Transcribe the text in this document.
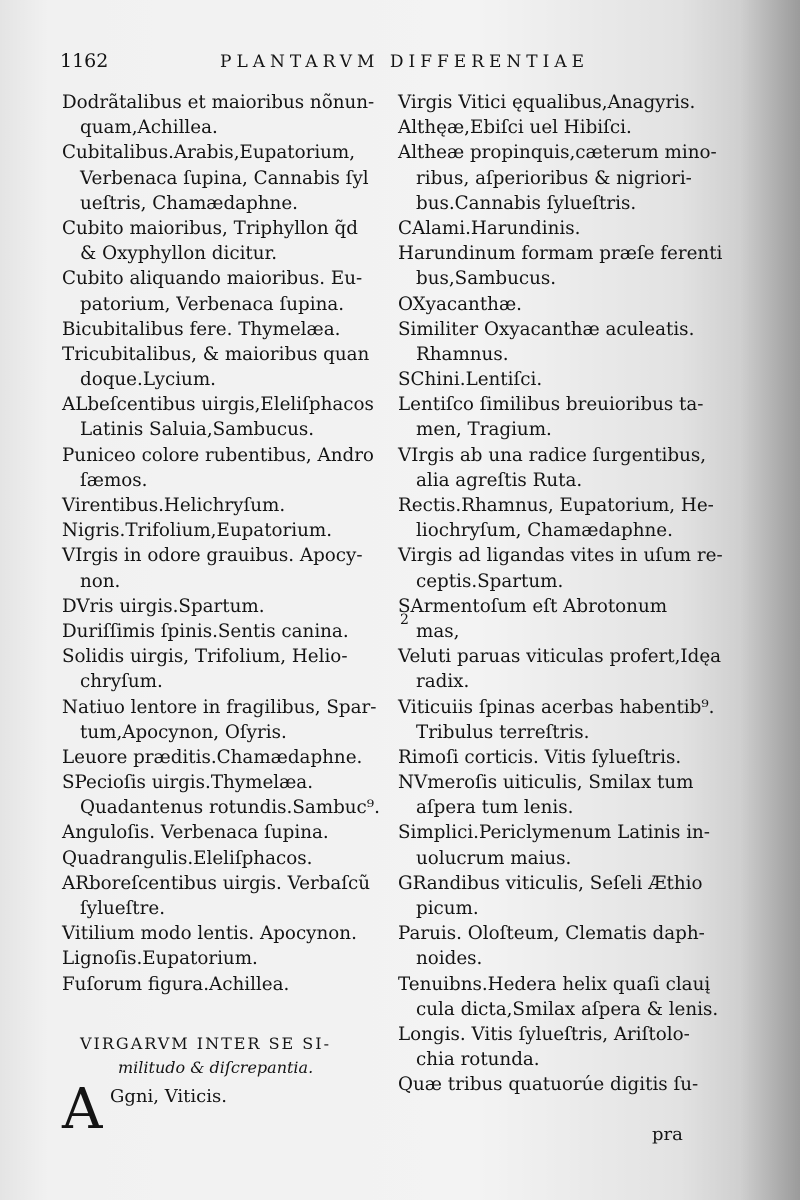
1162	PLANTARVM DIFFERENTIAE
Dodrãtalibus et maioribus nõnun-
quam,Achillea.
Cubitalibus.Arabis,Eupatorium,
Verbenaca ſupina, Cannabis ſyl
ueſtris, Chamædaphne.
Cubito maioribus, Triphyllon q̃d
& Oxyphyllon dicitur.
Cubito aliquando maioribus. Eu-
patorium, Verbenaca ſupina.
Bicubitalibus fere. Thymelæa.
Tricubitalibus, & maioribus quan
doque.Lycium.
ALbeſcentibus uirgis,Eleliſphacos
Latinis Saluia,Sambucus.
Puniceo colore rubentibus, Andro
ſæmos.
Virentibus.Helichryſum.
Nigris.Trifolium,Eupatorium.
VIrgis in odore grauibus. Apocy-
non.
DVris uirgis.Spartum.
Duriſſimis ſpinis.Sentis canina.
Solidis uirgis, Trifolium, Helio-
chryſum.
Natiuo lentore in fragilibus, Spar-
tum,Apocynon, Oſyris.
Leuore præditis.Chamædaphne.
SPecioſis uirgis.Thymelæa.
Quadantenus rotundis.Sambuc⁹.
Anguloſis. Verbenaca ſupina.
Quadrangulis.Eleliſphacos.
ARboreſcentibus uirgis. Verbaſcũ
ſylueſtre.
Vitilium modo lentis. Apocynon.
Lignoſis.Eupatorium.
Fuſorum figura.Achillea.
VIRGARVM INTER SE SI-
militudo & diſcrepantia.
A Ggni, Viticis.
Virgis Vitici ęqualibus,Anagyris.
Althęæ,Ebiſci uel Hibiſci.
Altheæ propinquis,cæterum mino-
ribus, aſperioribus & nigriori-
bus.Cannabis ſylueſtris.
CAlami.Harundinis.
Harundinum formam præſe ferenti
bus,Sambucus.
OXyacanthæ.
Similiter Oxyacanthæ aculeatis.
Rhamnus.
SChini.Lentiſci.
Lentiſco ſimilibus breuioribus ta-
men, Tragium.
VIrgis ab una radice ſurgentibus,
alia agreſtis Ruta.
Rectis.Rhamnus, Eupatorium, He-
liochryſum, Chamædaphne.
Virgis ad ligandas vites in uſum re-
ceptis.Spartum.
SArmentoſum eſt Abrotonum
mas,
Veluti paruas viticulas profert,Idęa
radix.
Viticuiis ſpinas acerbas habentib⁹.
Tribulus terreſtris.
Rimoſi corticis. Vitis ſylueſtris.
NVmeroſis uiticulis, Smilax tum
aſpera tum lenis.
Simplici.Periclymenum Latinis in-
uolucrum maius.
GRandibus viticulis, Seſeli Æthio
picum.
Paruis. Oloſteum, Clematis daph-
noides.
Tenuibns.Hedera helix quaſi clauį
cula dicta,Smilax aſpera & lenis.
Longis. Vitis ſylueſtris, Ariſtolo-
chia rotunda.
Quæ tribus quatuorúe digitis ſu-
2
pra
